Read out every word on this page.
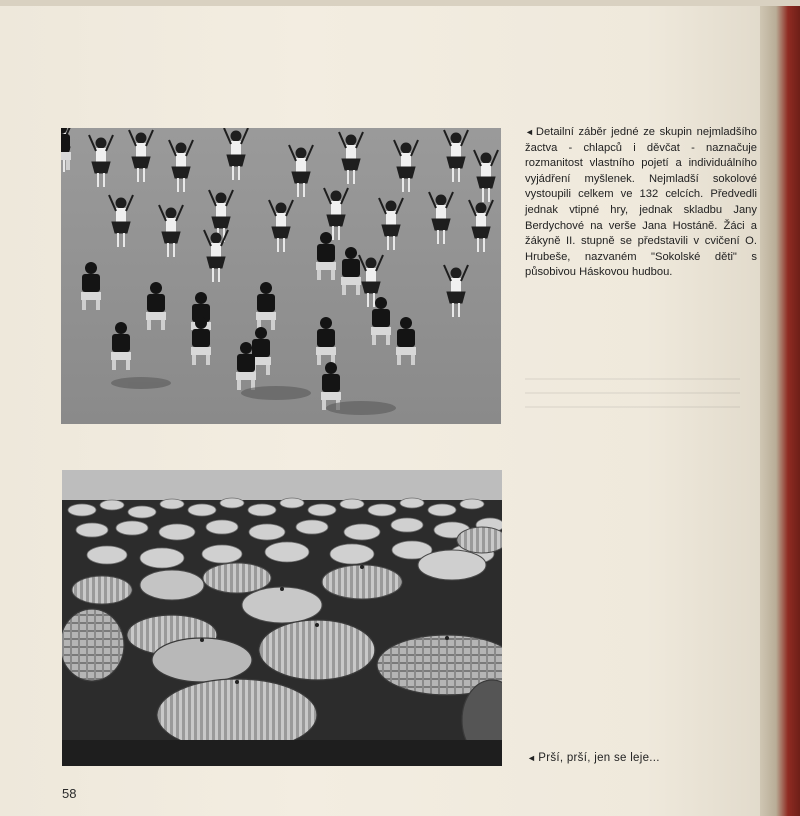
◄ Detailní záběr jedné ze skupin nejmladšího žactva - chlapců i děvčat - naznačuje rozmanitost vlastního pojetí a individuálního vyjádření myšlenek. Nejmladší sokolové vystoupili celkem ve 132 celcích. Předvedli jednak vtipné hry, jednak skladbu Jany Berdychové na verše Jana Hostáně. Žáci a žákyně II. stupně se představili v cvičení O. Hrubeše, nazvaném "Sokolské děti" s působivou Háskovou hudbou.
◄ Prší, prší, jen se leje...
58
